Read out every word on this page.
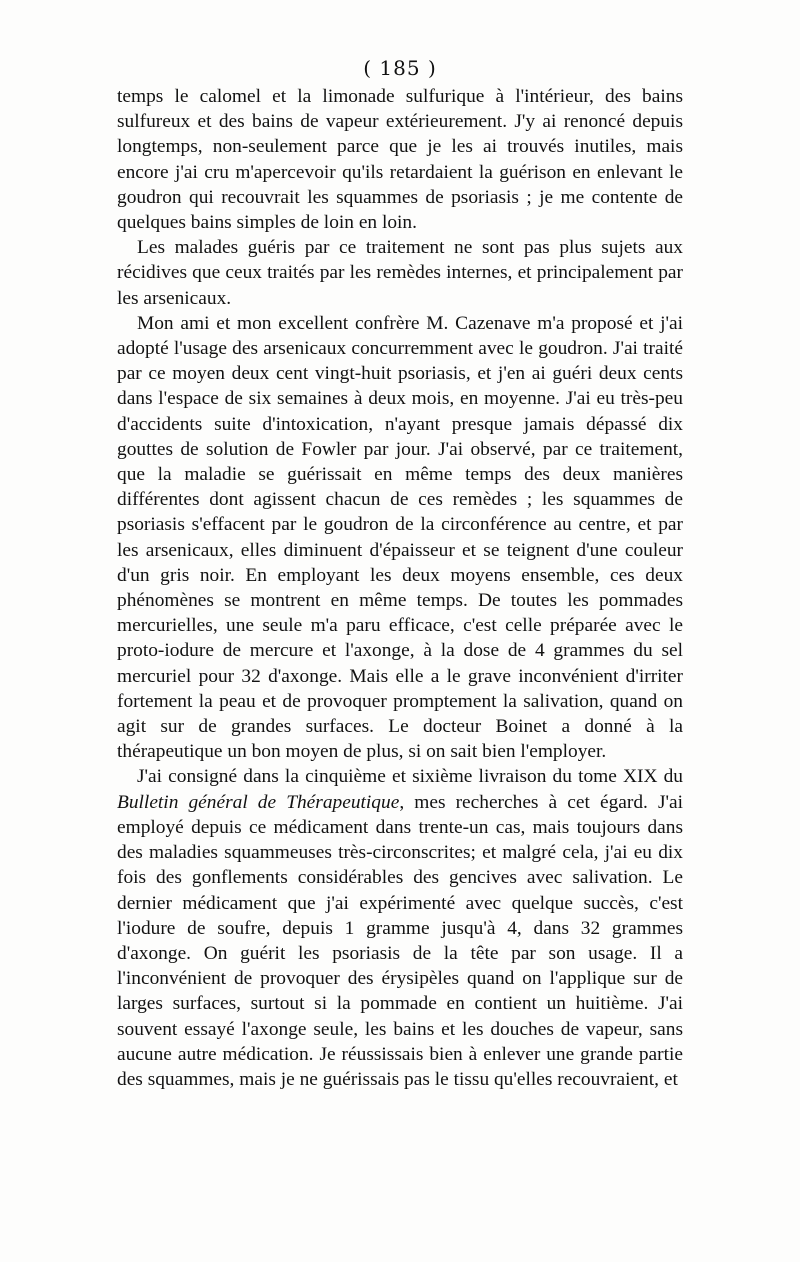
( 185 )

temps le calomel et la limonade sulfurique à l'intérieur, des bains sulfureux et des bains de vapeur extérieurement. J'y ai renoncé depuis longtemps, non-seulement parce que je les ai trouvés inutiles, mais encore j'ai cru m'apercevoir qu'ils retardaient la guérison en enlevant le goudron qui recouvrait les squammes de psoriasis ; je me contente de quelques bains simples de loin en loin.

Les malades guéris par ce traitement ne sont pas plus sujets aux récidives que ceux traités par les remèdes internes, et principalement par les arsenicaux.

Mon ami et mon excellent confrère M. Cazenave m'a proposé et j'ai adopté l'usage des arsenicaux concurremment avec le goudron. J'ai traité par ce moyen deux cent vingt-huit psoriasis, et j'en ai guéri deux cents dans l'espace de six semaines à deux mois, en moyenne. J'ai eu très-peu d'accidents suite d'intoxication, n'ayant presque jamais dépassé dix gouttes de solution de Fowler par jour. J'ai observé, par ce traitement, que la maladie se guérissait en même temps des deux manières différentes dont agissent chacun de ces remèdes ; les squammes de psoriasis s'effacent par le goudron de la circonférence au centre, et par les arsenicaux, elles diminuent d'épaisseur et se teignent d'une couleur d'un gris noir. En employant les deux moyens ensemble, ces deux phénomènes se montrent en même temps. De toutes les pommades mercurielles, une seule m'a paru efficace, c'est celle préparée avec le proto-iodure de mercure et l'axonge, à la dose de 4 grammes du sel mercuriel pour 32 d'axonge. Mais elle a le grave inconvénient d'irriter fortement la peau et de provoquer promptement la salivation, quand on agit sur de grandes surfaces. Le docteur Boinet a donné à la thérapeutique un bon moyen de plus, si on sait bien l'employer.

J'ai consigné dans la cinquième et sixième livraison du tome XIX du Bulletin général de Thérapeutique, mes recherches à cet égard. J'ai employé depuis ce médicament dans trente-un cas, mais toujours dans des maladies squammeuses très-circonscrites; et malgré cela, j'ai eu dix fois des gonflements considérables des gencives avec salivation. Le dernier médicament que j'ai expérimenté avec quelque succès, c'est l'iodure de soufre, depuis 1 gramme jusqu'à 4, dans 32 grammes d'axonge. On guérit les psoriasis de la tête par son usage. Il a l'inconvénient de provoquer des érysipèles quand on l'applique sur de larges surfaces, surtout si la pommade en contient un huitième. J'ai souvent essayé l'axonge seule, les bains et les douches de vapeur, sans aucune autre médication. Je réussissais bien à enlever une grande partie des squammes, mais je ne guérissais pas le tissu qu'elles recouvraient, et
